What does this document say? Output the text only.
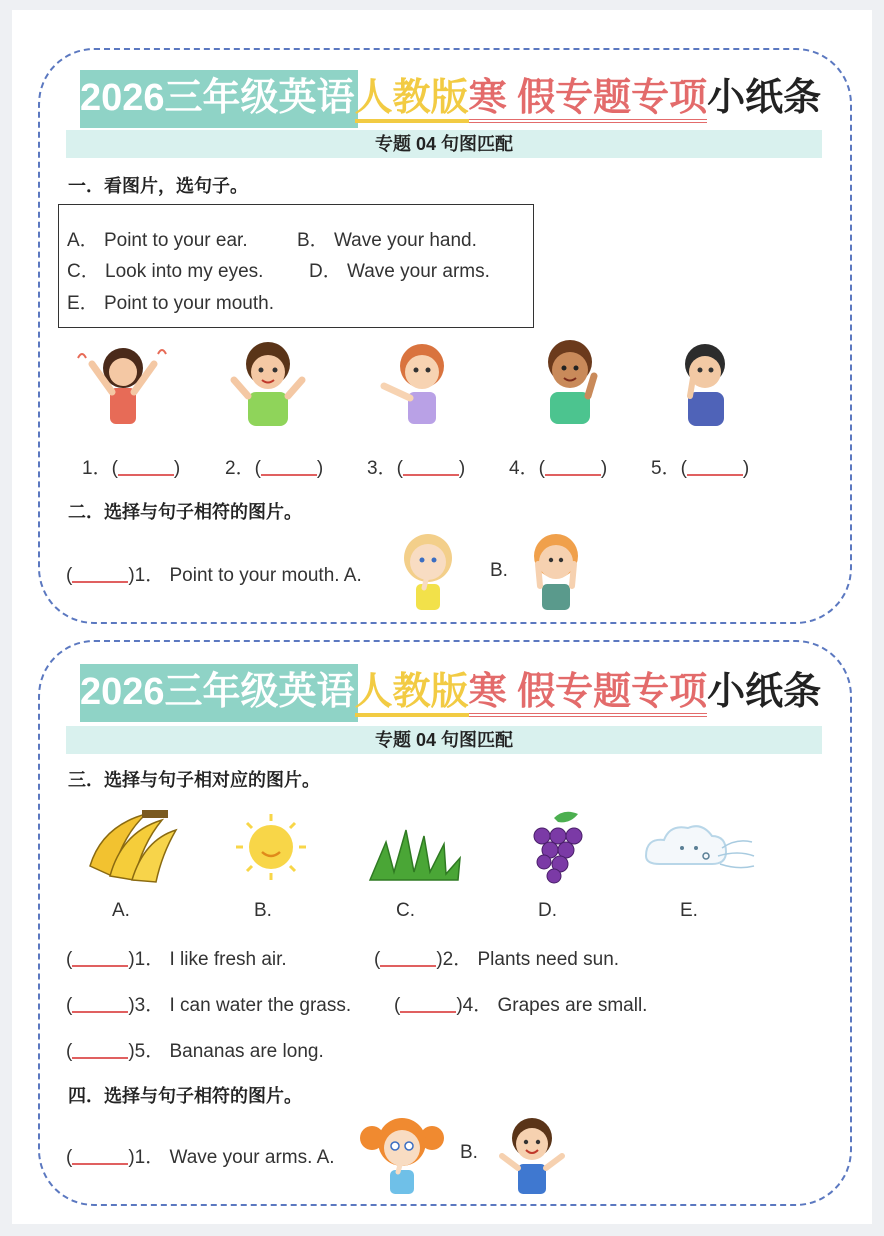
2026三年级英语人教版寒 假专题专项小纸条
专题 04 句图匹配
一．看图片，选句子。
A． Point to your ear.	B． Wave your hand.
C． Look into my eyes. D． Wave your arms.
E． Point to your mouth.
1．(	) 2．(	) 3．(	) 4．(	) 5．(	)
二．选择与句子相符的图片。
(	)1． Point to your mouth. A.	B.
2026三年级英语人教版寒 假专题专项小纸条
专题 04 句图匹配
三．选择与句子相对应的图片。
A.	B.	C.	D.	E.
(	)1． I like fresh air.	(	)2． Plants need sun.
(	)3． I can water the grass. (	)4． Grapes are small.
(	)5． Bananas are long.
四．选择与句子相符的图片。
(	)1． Wave your arms. A.	B.
